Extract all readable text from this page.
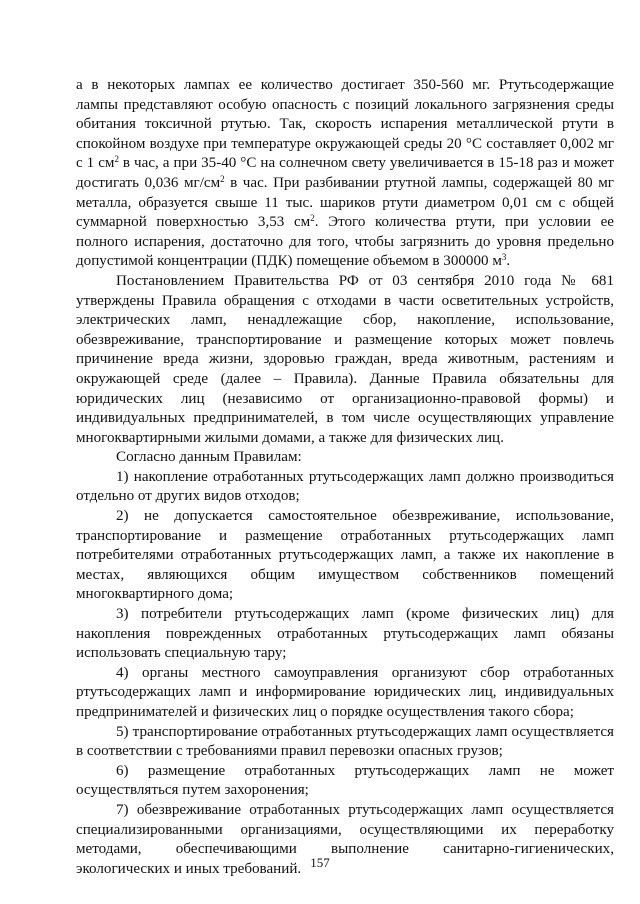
а в некоторых лампах ее количество достигает 350-560 мг. Ртутьсодержащие лампы представляют особую опасность с позиций локального загрязнения среды обитания токсичной ртутью. Так, скорость испарения металлической ртути в спокойном воздухе при температуре окружающей среды 20 °С составляет 0,002 мг с 1 $см^2$ в час, а при 35-40 °С на солнечном свету увеличивается в 15-18 раз и может достигать 0,036 $мг/см^2$ в час. При разбивании ртутной лампы, содержащей 80 мг металла, образуется свыше 11 тыс. шариков ртути диаметром 0,01 см с общей суммарной поверхностью 3,53 $см^2$. Этого количества ртути, при условии ее полного испарения, достаточно для того, чтобы загрязнить до уровня предельно допустимой концентрации (ПДК) помещение объемом в 300000 $м^3$.

Постановлением Правительства РФ от 03 сентября 2010 года № 681 утверждены Правила обращения с отходами в части осветительных устройств, электрических ламп, ненадлежащие сбор, накопление, использование, обезвреживание, транспортирование и размещение которых может повлечь причинение вреда жизни, здоровью граждан, вреда животным, растениям и окружающей среде (далее – Правила). Данные Правила обязательны для юридических лиц (независимо от организационно-правовой формы) и индивидуальных предпринимателей, в том числе осуществляющих управление многоквартирными жилыми домами, а также для физических лиц.

Согласно данным Правилам:

1) накопление отработанных ртутьсодержащих ламп должно производиться отдельно от других видов отходов;

2) не допускается самостоятельное обезвреживание, использование, транспортирование и размещение отработанных ртутьсодержащих ламп потребителями отработанных ртутьсодержащих ламп, а также их накопление в местах, являющихся общим имуществом собственников помещений многоквартирного дома;

3) потребители ртутьсодержащих ламп (кроме физических лиц) для накопления поврежденных отработанных ртутьсодержащих ламп обязаны использовать специальную тару;

4) органы местного самоуправления организуют сбор отработанных ртутьсодержащих ламп и информирование юридических лиц, индивидуальных предпринимателей и физических лиц о порядке осуществления такого сбора;

5) транспортирование отработанных ртутьсодержащих ламп осуществляется в соответствии с требованиями правил перевозки опасных грузов;

6) размещение отработанных ртутьсодержащих ламп не может осуществляться путем захоронения;

7) обезвреживание отработанных ртутьсодержащих ламп осуществляется специализированными организациями, осуществляющими их переработку методами, обеспечивающими выполнение санитарно-гигиенических, экологических и иных требований. 157
